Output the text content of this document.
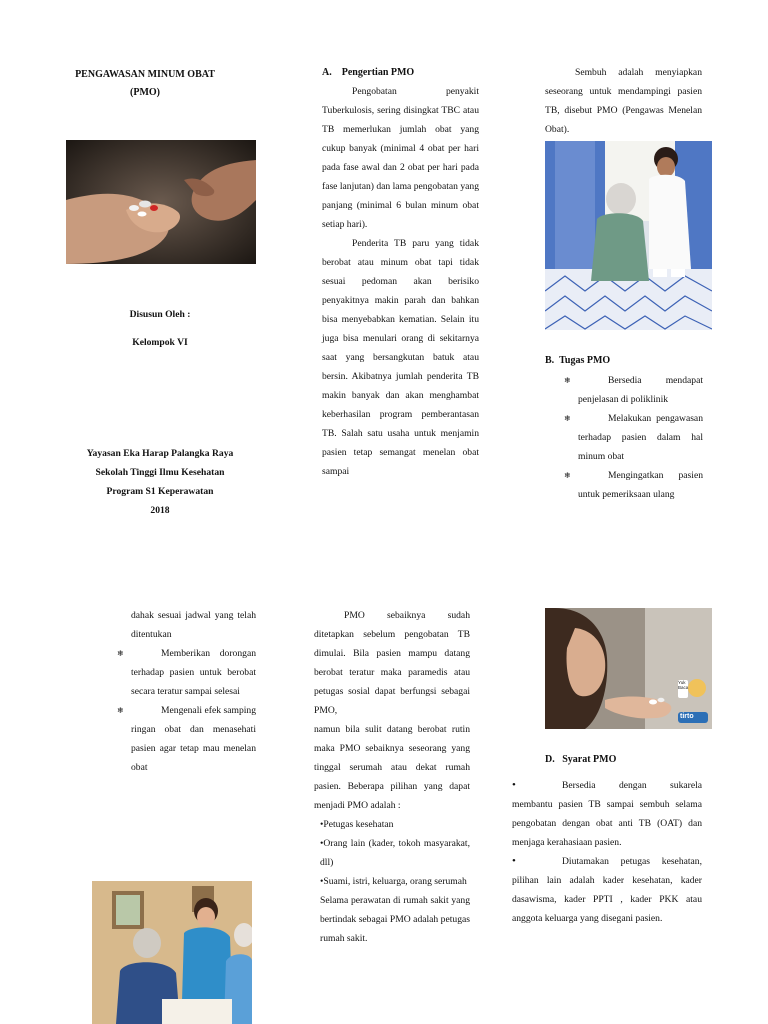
PENGAWASAN MINUM OBAT
(PMO)
Disusun Oleh :
Kelompok VI
Yayasan Eka Harap Palangka Raya
Sekolah Tinggi Ilmu Kesehatan
Program S1 Keperawatan
2018
A.    Pengertian PMO

Pengobatan penyakit Tuberkulosis, sering disingkat TBC atau TB memerlukan jumlah obat yang cukup banyak (minimal 4 obat per hari pada fase awal dan 2 obat per hari pada fase lanjutan) dan lama pengobatan yang panjang (minimal 6 bulan minum obat setiap hari).

Penderita TB paru yang tidak berobat atau minum obat tapi tidak sesuai pedoman akan berisiko penyakitnya makin parah dan bahkan bisa menyebabkan kematian. Selain itu juga bisa menulari orang di sekitarnya saat yang bersangkutan batuk atau bersin. Akibatnya jumlah penderita TB makin banyak dan akan menghambat keberhasilan program pemberantasan TB. Salah satu usaha untuk menjamin pasien tetap semangat menelan obat sampai

Sembuh adalah menyiapkan seseorang untuk mendampingi pasien TB, disebut PMO (Pengawas Menelan Obat).

B.  Tugas PMO
❄	Bersedia mendapat penjelasan di poliklinik
❄	Melakukan pengawasan terhadap pasien dalam hal minum obat
❄	Mengingatkan pasien untuk pemeriksaan ulang

dahak sesuai jadwal yang telah ditentukan

❄	Memberikan dorongan terhadap pasien untuk berobat secara teratur sampai selesai
❄	Mengenali efek samping ringan obat dan menasehati pasien agar tetap mau menelan obat

PMO sebaiknya sudah ditetapkan sebelum pengobatan TB dimulai. Bila pasien mampu datang berobat teratur maka paramedis atau petugas sosial dapat berfungsi sebagai PMO,

namun bila sulit datang berobat rutin maka PMO sebaiknya seseorang yang tinggal serumah atau dekat rumah pasien. Beberapa pilihan yang dapat menjadi PMO adalah :

•Petugas kesehatan

•Orang lain (kader, tokoh masyarakat, dll)

•Suami, istri, keluarga, orang serumah

Selama perawatan di rumah sakit yang bertindak sebagai PMO adalah petugas rumah sakit.

Yuk
Baca
tirto
D.   Syarat PMO

•	Bersedia dengan sukarela membantu pasien TB sampai sembuh selama pengobatan dengan obat anti TB (OAT) dan menjaga kerahasiaan pasien.

•	Diutamakan petugas kesehatan, pilihan lain adalah kader kesehatan, kader dasawisma, kader PPTI , kader PKK atau anggota keluarga yang disegani pasien.
